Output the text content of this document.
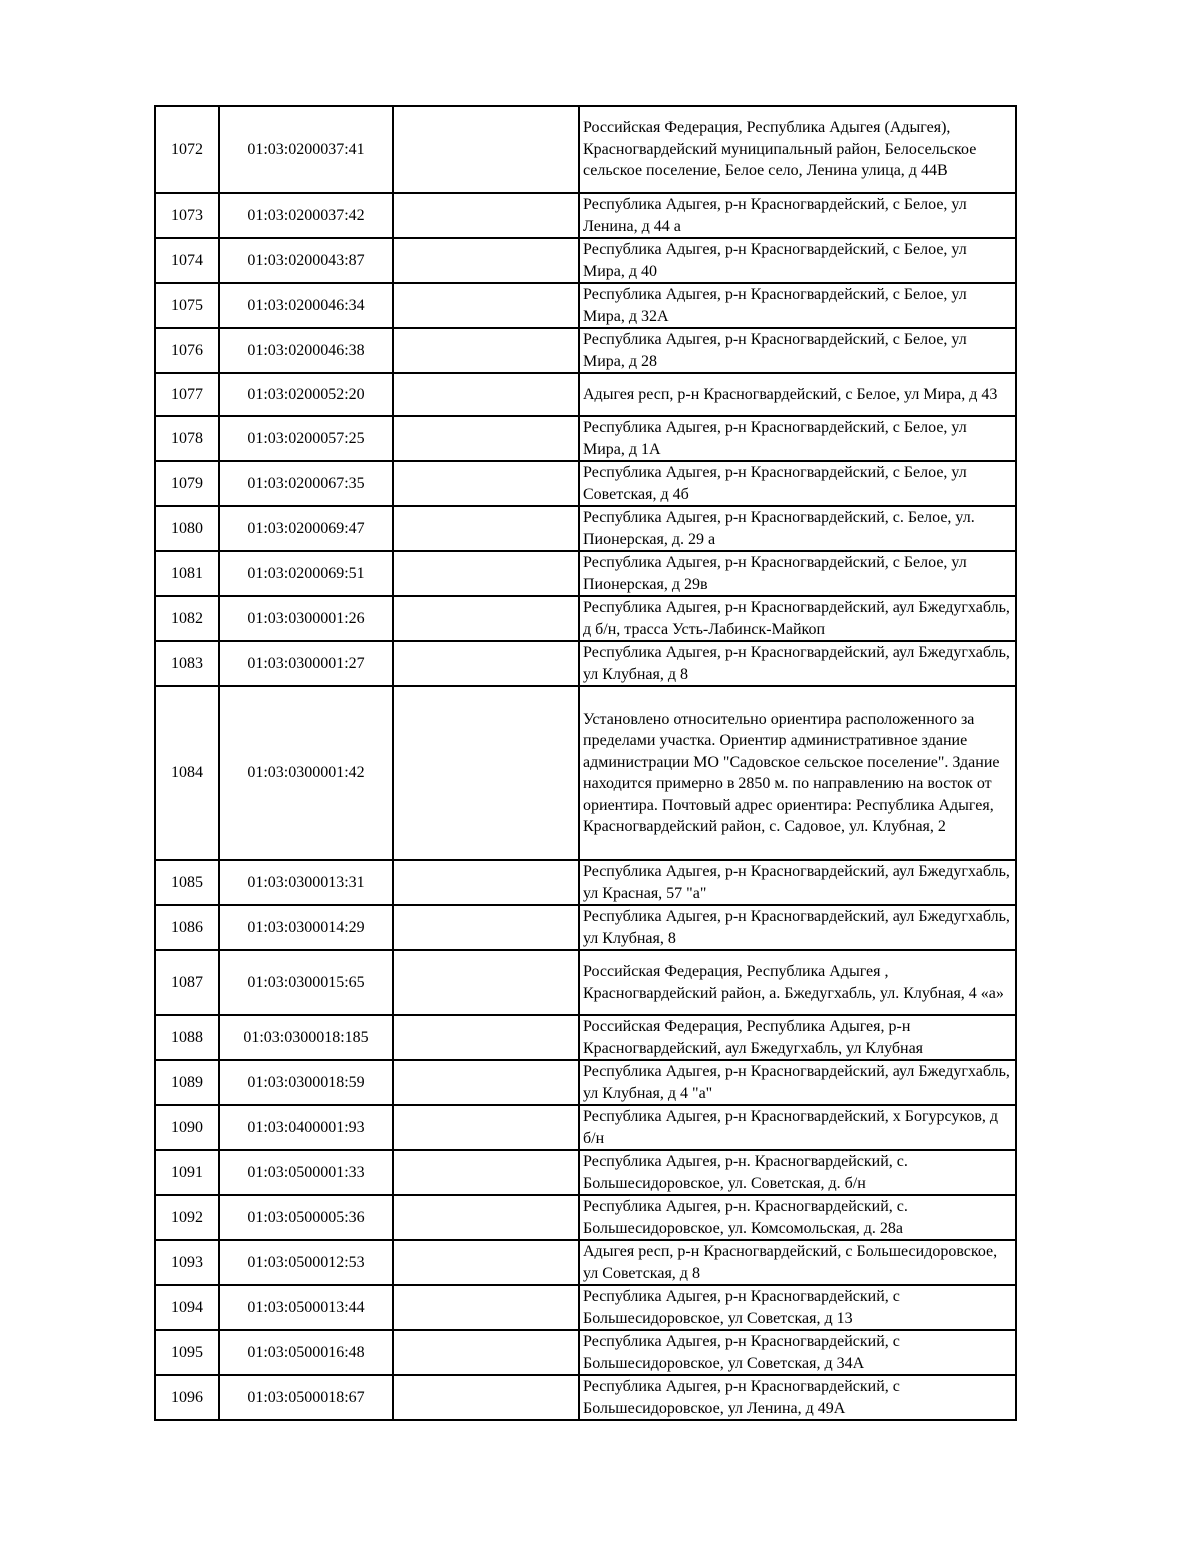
1072	01:03:0200037:41		Российская Федерация, Республика Адыгея (Адыгея), Красногвардейский муниципальный район, Белосельское сельское поселение, Белое село, Ленина улица, д 44В
1073	01:03:0200037:42		Республика Адыгея, р-н Красногвардейский, с Белое, ул Ленина, д 44 а
1074	01:03:0200043:87		Республика Адыгея, р-н Красногвардейский, с Белое, ул Мира, д 40
1075	01:03:0200046:34		Республика Адыгея, р-н Красногвардейский, с Белое, ул Мира, д 32А
1076	01:03:0200046:38		Республика Адыгея, р-н Красногвардейский, с Белое, ул Мира, д 28
1077	01:03:0200052:20		Адыгея респ, р-н Красногвардейский, с Белое, ул Мира, д 43
1078	01:03:0200057:25		Республика Адыгея, р-н Красногвардейский, с Белое, ул Мира, д 1А
1079	01:03:0200067:35		Республика Адыгея, р-н Красногвардейский, с Белое, ул Советская, д 4б
1080	01:03:0200069:47		Республика Адыгея, р-н Красногвардейский, с. Белое, ул. Пионерская, д. 29 а
1081	01:03:0200069:51		Республика Адыгея, р-н Красногвардейский, с Белое, ул Пионерская, д 29в
1082	01:03:0300001:26		Республика Адыгея, р-н Красногвардейский, аул Бжедугхабль, д б/н, трасса Усть-Лабинск-Майкоп
1083	01:03:0300001:27		Республика Адыгея, р-н Красногвардейский, аул Бжедугхабль, ул Клубная, д 8
1084	01:03:0300001:42		Установлено относительно ориентира расположенного за пределами участка. Ориентир административное здание администрации МО "Садовское сельское поселение". Здание находится примерно в 2850 м. по направлению на восток от ориентира. Почтовый адрес ориентира: Республика Адыгея, Красногвардейский район, с. Садовое, ул. Клубная, 2
1085	01:03:0300013:31		Республика Адыгея, р-н Красногвардейский, аул Бжедугхабль, ул Красная, 57 "а"
1086	01:03:0300014:29		Республика Адыгея, р-н Красногвардейский, аул Бжедугхабль, ул Клубная, 8
1087	01:03:0300015:65		Российская Федерация, Республика Адыгея , Красногвардейский район, а. Бжедугхабль, ул. Клубная, 4 «а»
1088	01:03:0300018:185		Российская Федерация, Республика Адыгея, р-н Красногвардейский, аул Бжедугхабль, ул Клубная
1089	01:03:0300018:59		Республика Адыгея, р-н Красногвардейский, аул Бжедугхабль, ул Клубная, д 4 "а"
1090	01:03:0400001:93		Республика Адыгея, р-н Красногвардейский, х Богурсуков, д б/н
1091	01:03:0500001:33		Республика Адыгея, р-н. Красногвардейский, с. Большесидоровское, ул. Советская, д. б/н
1092	01:03:0500005:36		Республика Адыгея, р-н. Красногвардейский, с. Большесидоровское, ул. Комсомольская, д. 28а
1093	01:03:0500012:53		Адыгея респ, р-н Красногвардейский, с Большесидоровское, ул Советская, д 8
1094	01:03:0500013:44		Республика Адыгея, р-н Красногвардейский, с Большесидоровское, ул Советская, д 13
1095	01:03:0500016:48		Республика Адыгея, р-н Красногвардейский, с Большесидоровское, ул Советская, д 34А
1096	01:03:0500018:67		Республика Адыгея, р-н Красногвардейский, с Большесидоровское, ул Ленина, д 49А
